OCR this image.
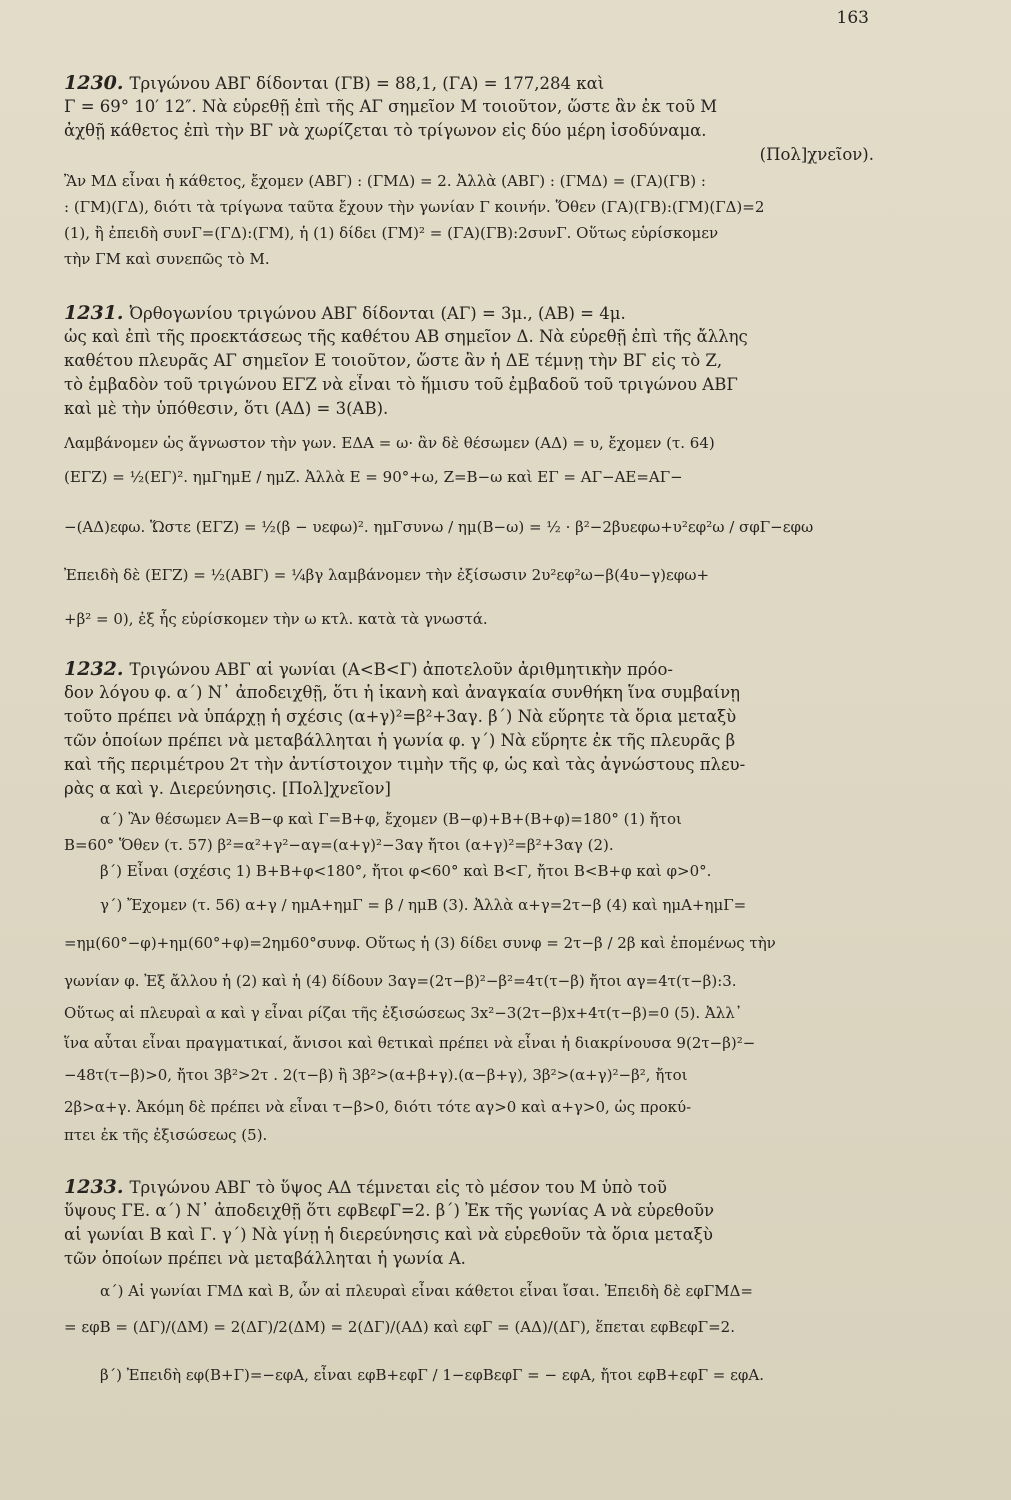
163
1230. Τριγώνου ΑΒΓ δίδονται (ΓΒ) = 88,1, (ΓΑ) = 177,284 καὶ
Γ = 69° 10′ 12″. Νὰ εὑρεθῇ ἐπὶ τῆς ΑΓ σημεῖον Μ τοιοῦτον, ὥστε ἂν ἐκ τοῦ Μ
ἀχθῇ κάθετος ἐπὶ τὴν ΒΓ νὰ χωρίζεται τὸ τρίγωνον εἰς δύο μέρη ἰσοδύναμα.
(Πολ]χνεῖον).
Ἂν ΜΔ εἶναι ἡ κάθετος, ἔχομεν (ΑΒΓ) : (ΓΜΔ) = 2. Ἀλλὰ (ΑΒΓ) : (ΓΜΔ) = (ΓΑ)(ΓΒ) :
: (ΓΜ)(ΓΔ), διότι τὰ τρίγωνα ταῦτα ἔχουν τὴν γωνίαν Γ κοινήν. Ὅθεν (ΓΑ)(ΓΒ):(ΓΜ)(ΓΔ)=2
(1), ἢ ἐπειδὴ συνΓ=(ΓΔ):(ΓΜ), ἡ (1) δίδει (ΓΜ)² = (ΓΑ)(ΓΒ):2συνΓ. Οὕτως εὑρίσκομεν
τὴν ΓΜ καὶ συνεπῶς τὸ Μ.
1231. Ὀρθογωνίου τριγώνου ΑΒΓ δίδονται (ΑΓ) = 3μ., (ΑΒ) = 4μ.
ὡς καὶ ἐπὶ τῆς προεκτάσεως τῆς καθέτου ΑΒ σημεῖον Δ. Νὰ εὑρεθῇ ἐπὶ τῆς ἄλλης
καθέτου πλευρᾶς ΑΓ σημεῖον Ε τοιοῦτον, ὥστε ἂν ἡ ΔΕ τέμνῃ τὴν ΒΓ εἰς τὸ Ζ,
τὸ ἐμβαδὸν τοῦ τριγώνου ΕΓΖ νὰ εἶναι τὸ ἥμισυ τοῦ ἐμβαδοῦ τοῦ τριγώνου ΑΒΓ
καὶ μὲ τὴν ὑπόθεσιν, ὅτι (ΑΔ) = 3(ΑΒ).
Λαμβάνομεν ὡς ἄγνωστον τὴν γων. ΕΔΑ = ω· ἂν δὲ θέσωμεν (ΑΔ) = υ, ἔχομεν (τ. 64)
(ΕΓΖ) = ½(ΕΓ)². ημΓημΕ / ημΖ. Ἀλλὰ Ε = 90°+ω, Ζ=Β−ω καὶ ΕΓ = ΑΓ−ΑΕ=ΑΓ−
−(ΑΔ)εφω. Ὥστε (ΕΓΖ) = ½(β − υεφω)². ημΓσυνω / ημ(Β−ω) = ½ · β²−2βυεφω+υ²εφ²ω / σφΓ−εφω
Ἐπειδὴ δὲ (ΕΓΖ) = ½(ΑΒΓ) = ¼βγ λαμβάνομεν τὴν ἐξίσωσιν 2υ²εφ²ω−β(4υ−γ)εφω+
+β² = 0), ἐξ ἧς εὑρίσκομεν τὴν ω κτλ. κατὰ τὰ γνωστά.
1232. Τριγώνου ΑΒΓ αἱ γωνίαι (Α<Β<Γ) ἀποτελοῦν ἀριθμητικὴν πρόο-
δον λόγου φ. α΄) Ν᾿ ἀποδειχθῇ, ὅτι ἡ ἱκανὴ καὶ ἀναγκαία συνθήκη ἵνα συμβαίνῃ
τοῦτο πρέπει νὰ ὑπάρχῃ ἡ σχέσις (α+γ)²=β²+3αγ. β΄) Νὰ εὕρητε τὰ ὅρια μεταξὺ
τῶν ὁποίων πρέπει νὰ μεταβάλληται ἡ γωνία φ. γ΄) Νὰ εὕρητε ἐκ τῆς πλευρᾶς β
καὶ τῆς περιμέτρου 2τ τὴν ἀντίστοιχον τιμὴν τῆς φ, ὡς καὶ τὰς ἀγνώστους πλευ-
ρὰς α καὶ γ. Διερεύνησις. [Πολ]χνεῖον]
α΄) Ἂν θέσωμεν Α=Β−φ καὶ Γ=Β+φ, ἔχομεν (Β−φ)+Β+(Β+φ)=180° (1) ἤτοι
Β=60° Ὅθεν (τ. 57) β²=α²+γ²−αγ=(α+γ)²−3αγ ἤτοι (α+γ)²=β²+3αγ (2).
β΄) Εἶναι (σχέσις 1) Β+Β+φ<180°, ἤτοι φ<60° καὶ Β<Γ, ἤτοι Β<Β+φ καὶ φ>0°.
γ΄) Ἔχομεν (τ. 56) α+γ / ημΑ+ημΓ = β / ημΒ (3). Ἀλλὰ α+γ=2τ−β (4) καὶ ημΑ+ημΓ=
=ημ(60°−φ)+ημ(60°+φ)=2ημ60°συνφ. Οὕτως ἡ (3) δίδει συνφ = 2τ−β / 2β καὶ ἑπομένως τὴν
γωνίαν φ. Ἐξ ἄλλου ἡ (2) καὶ ἡ (4) δίδουν 3αγ=(2τ−β)²−β²=4τ(τ−β) ἤτοι αγ=4τ(τ−β):3.
Οὕτως αἱ πλευραὶ α καὶ γ εἶναι ρίζαι τῆς ἐξισώσεως 3x²−3(2τ−β)x+4τ(τ−β)=0 (5). Ἀλλ᾿
ἵνα αὗται εἶναι πραγματικαί, ἄνισοι καὶ θετικαὶ πρέπει νὰ εἶναι ἡ διακρίνουσα 9(2τ−β)²−
−48τ(τ−β)>0, ἤτοι 3β²>2τ . 2(τ−β) ἢ 3β²>(α+β+γ).(α−β+γ), 3β²>(α+γ)²−β², ἤτοι
2β>α+γ. Ἀκόμη δὲ πρέπει νὰ εἶναι τ−β>0, διότι τότε αγ>0 καὶ α+γ>0, ὡς προκύ-
πτει ἐκ τῆς ἐξισώσεως (5).
1233. Τριγώνου ΑΒΓ τὸ ὕψος ΑΔ τέμνεται εἰς τὸ μέσον του Μ ὑπὸ τοῦ
ὕψους ΓΕ. α΄) Ν᾿ ἀποδειχθῇ ὅτι εφΒεφΓ=2. β΄) Ἐκ τῆς γωνίας Α νὰ εὑρεθοῦν
αἱ γωνίαι Β καὶ Γ. γ΄) Νὰ γίνῃ ἡ διερεύνησις καὶ νὰ εὑρεθοῦν τὰ ὅρια μεταξὺ
τῶν ὁποίων πρέπει νὰ μεταβάλληται ἡ γωνία Α.
α΄) Αἱ γωνίαι ΓΜΔ καὶ Β, ὧν αἱ πλευραὶ εἶναι κάθετοι εἶναι ἴσαι. Ἐπειδὴ δὲ εφΓΜΔ=
= εφΒ = (ΔΓ)/(ΔΜ) = 2(ΔΓ)/2(ΔΜ) = 2(ΔΓ)/(ΑΔ) καὶ εφΓ = (ΑΔ)/(ΔΓ), ἕπεται εφΒεφΓ=2.
β΄) Ἐπειδὴ εφ(Β+Γ)=−εφΑ, εἶναι εφΒ+εφΓ / 1−εφΒεφΓ = − εφΑ, ἤτοι εφΒ+εφΓ = εφΑ.
